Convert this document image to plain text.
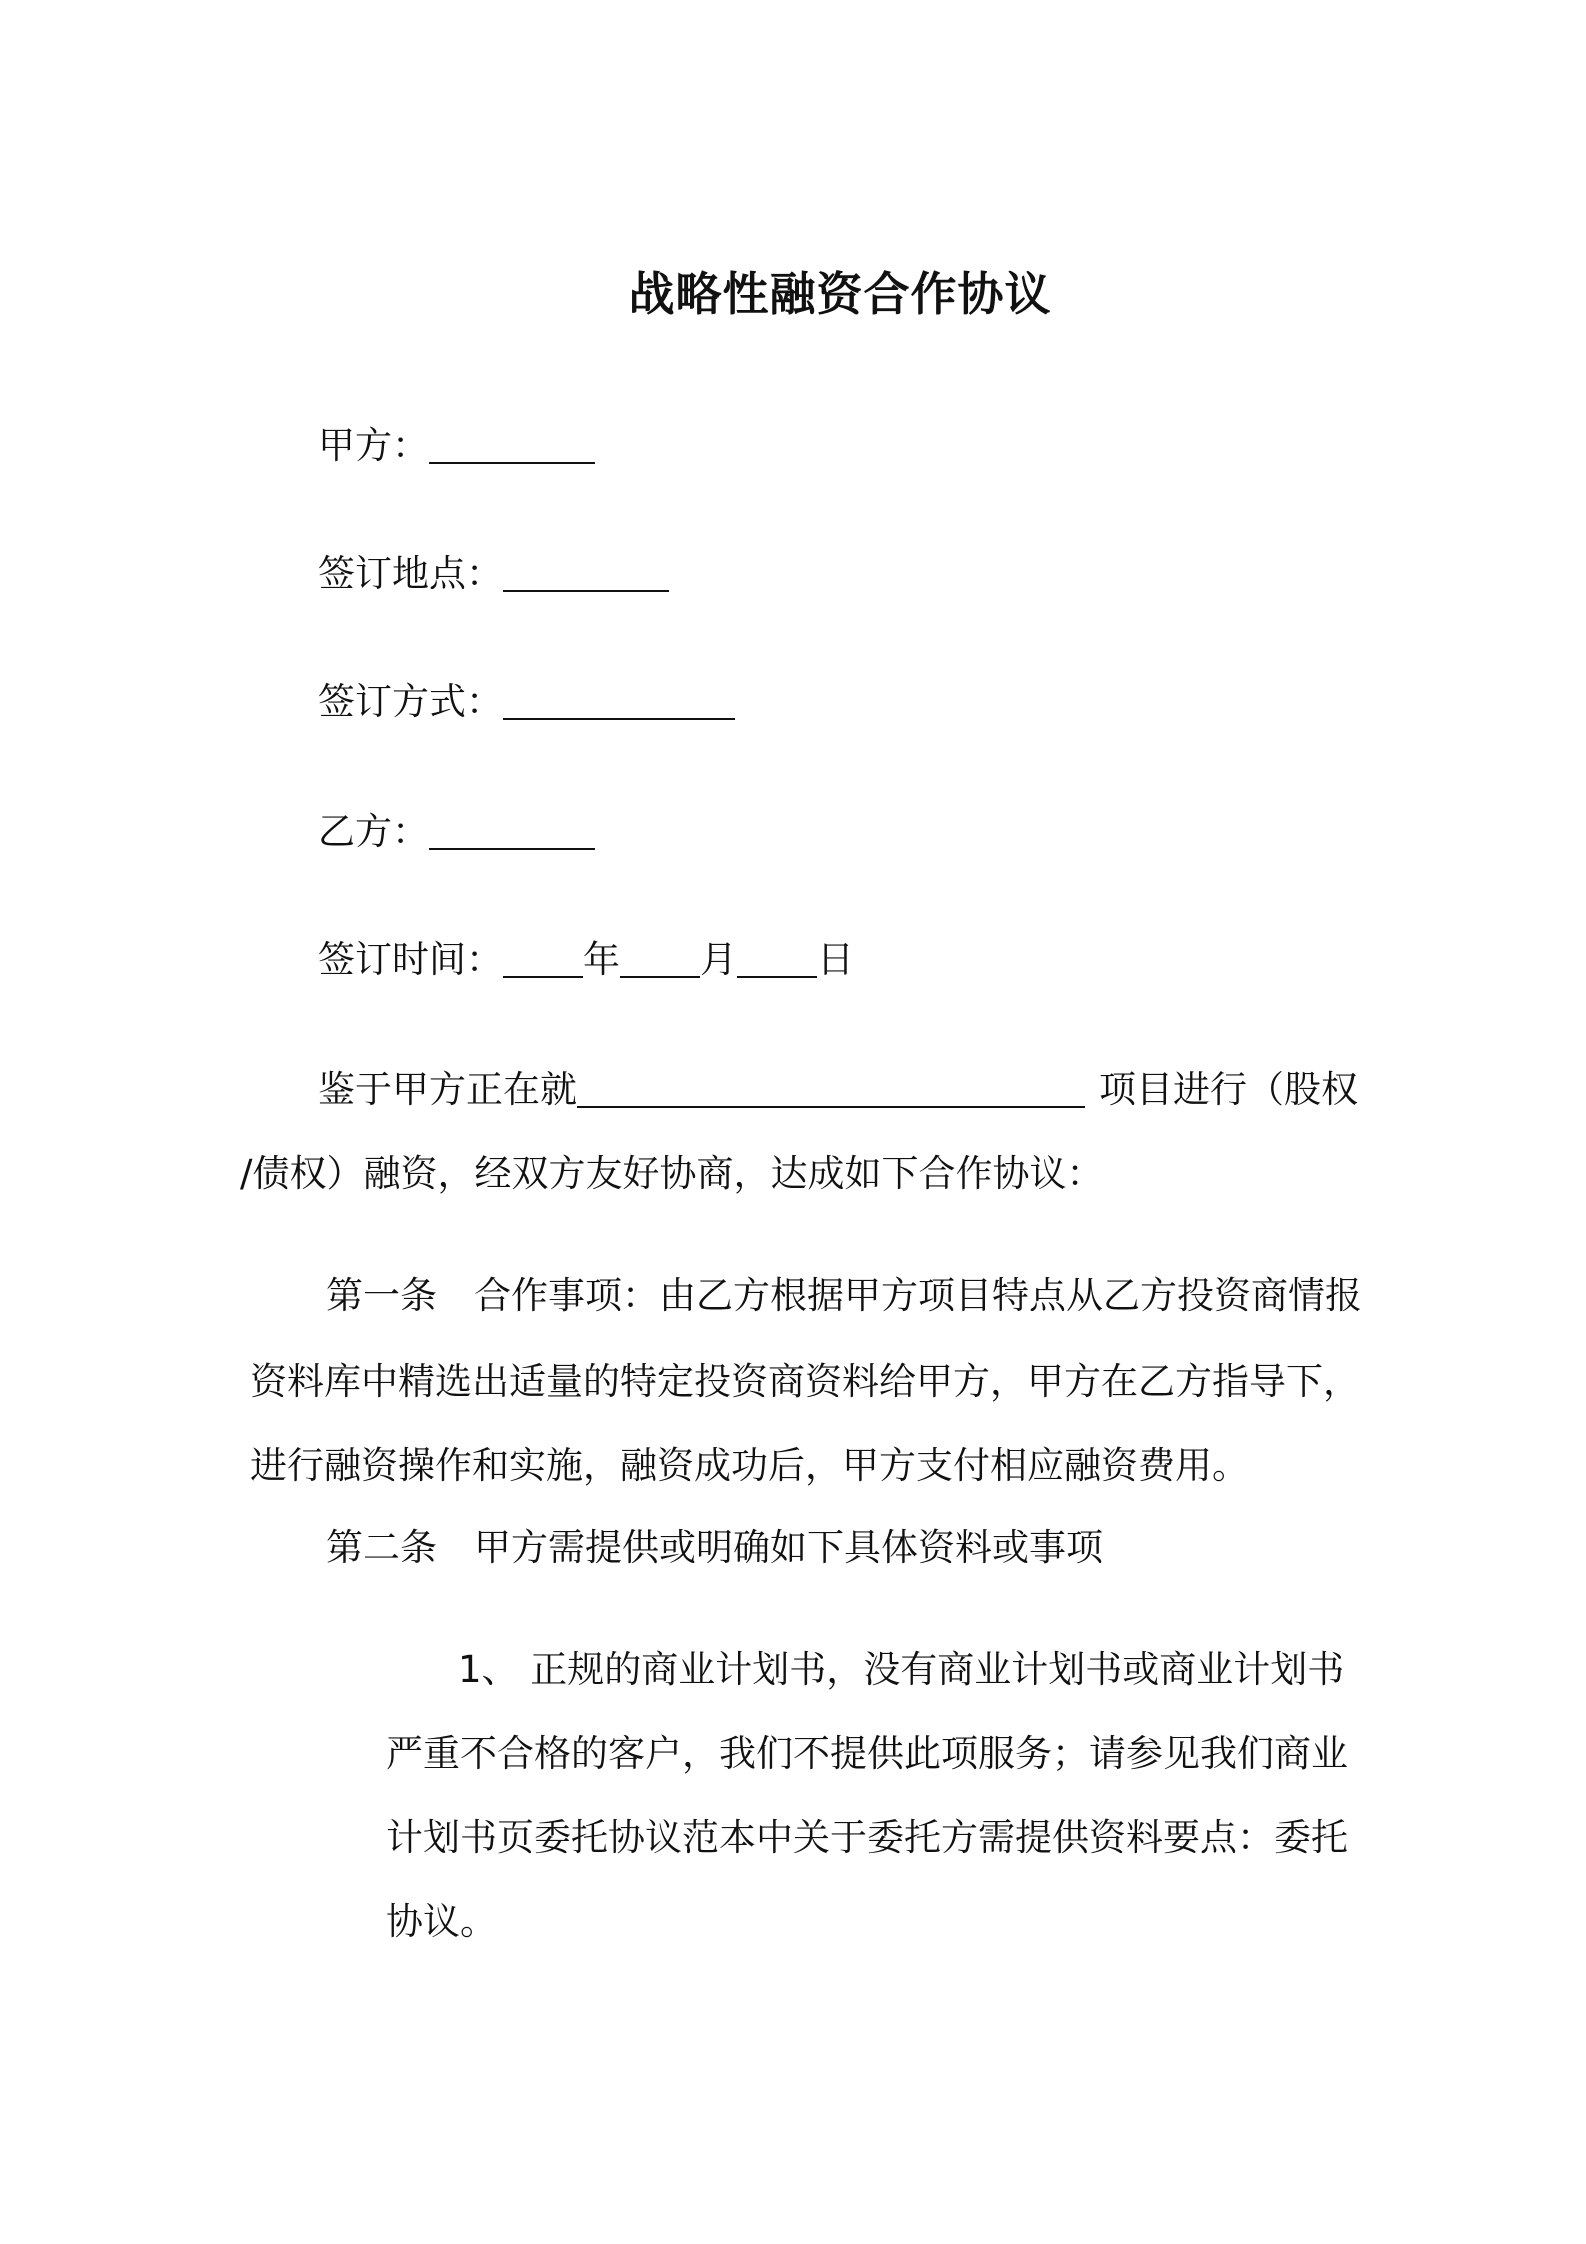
战略性融资合作协议
甲方：
签订地点：
签订方式：
乙方：
签订时间： 年 月 日
鉴于甲方正在就	项目进行（股权
/债权）融资，经双方友好协商，达成如下合作协议：
第一条　合作事项：由乙方根据甲方项目特点从乙方投资商情报
资料库中精选出适量的特定投资商资料给甲方，甲方在乙方指导下，
进行融资操作和实施，融资成功后，甲方支付相应融资费用。
第二条　甲方需提供或明确如下具体资料或事项
1、 正规的商业计划书，没有商业计划书或商业计划书
严重不合格的客户，我们不提供此项服务；请参见我们商业
计划书页委托协议范本中关于委托方需提供资料要点：委托
协议。
